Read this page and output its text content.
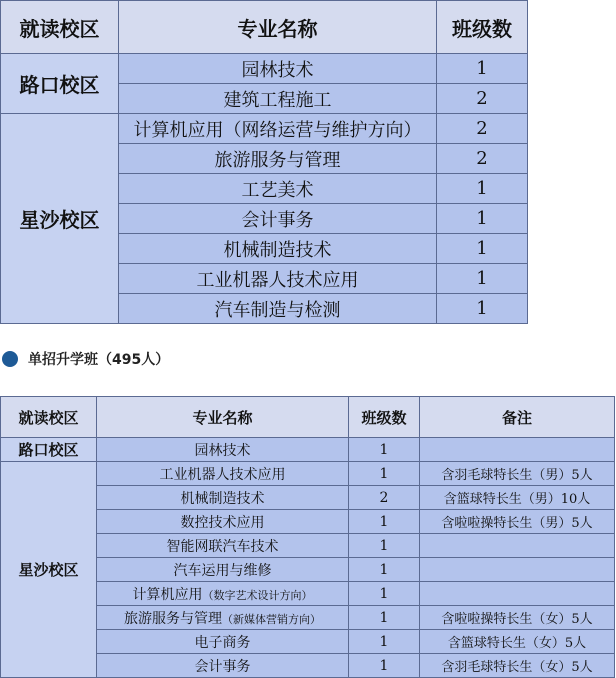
就读校区	专业名称	班级数
路口校区	园林技术	1
	建筑工程施工	2
星沙校区	计算机应用（网络运营与维护方向）	2
	旅游服务与管理	2
	工艺美术	1
	会计事务	1
	机械制造技术	1
	工业机器人技术应用	1
	汽车制造与检测	1
单招升学班（495人）
就读校区	专业名称	班级数	备注
路口校区	园林技术	1	
星沙校区	工业机器人技术应用	1	含羽毛球特长生（男）5人
	机械制造技术	2	含篮球特长生（男）10人
	数控技术应用	1	含啦啦操特长生（男）5人
	智能网联汽车技术	1	
	汽车运用与维修	1	
	计算机应用（数字艺术设计方向）	1	
	旅游服务与管理（新媒体营销方向）	1	含啦啦操特长生（女）5人
	电子商务	1	含篮球特长生（女）5人
	会计事务	1	含羽毛球特长生（女）5人
